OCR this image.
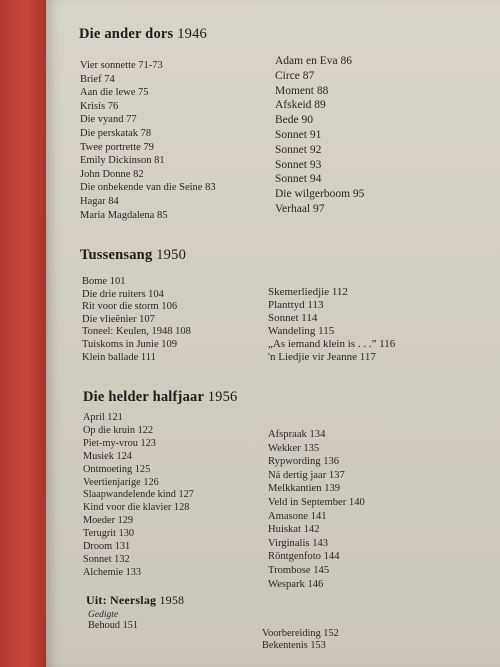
Die ander dors 1946
Vier sonnette 71-73
Brief 74
Aan die lewe 75
Krisis 76
Die vyand 77
Die perskatak 78
Twee portrette 79
Emily Dickinson 81
John Donne 82
Die onbekende van die Seine 83
Hagar 84
Maria Magdalena 85
Adam en Eva 86
Circe 87
Moment 88
Afskeid 89
Bede 90
Sonnet 91
Sonnet 92
Sonnet 93
Sonnet 94
Die wilgerboom 95
Verhaal 97
Tussensang 1950
Bome 101
Die drie ruiters 104
Rit voor die storm 106
Die vlieënier 107
Toneel: Keulen, 1948 108
Tuiskoms in Junie 109
Klein ballade 111
Skemerliedjie 112
Planttyd 113
Sonnet 114
Wandeling 115
„As iemand klein is . . .” 116
'n Liedjie vir Jeanne 117
Die helder halfjaar 1956
April 121
Op die kruin 122
Piet-my-vrou 123
Musiek 124
Ontmoeting 125
Veertienjarige 126
Slaapwandelende kind 127
Kind voor die klavier 128
Moeder 129
Terugrit 130
Droom 131
Sonnet 132
Alchemie 133
Afspraak 134
Wekker 135
Rypwording 136
Ná dertig jaar 137
Melkkantien 139
Veld in September 140
Amasone 141
Huiskat 142
Virginalis 143
Röntgenfoto 144
Trombose 145
Wespark 146
Uit: Neerslag 1958
Gedigte
Behoud 151
Voorbereiding 152
Bekentenis 153
